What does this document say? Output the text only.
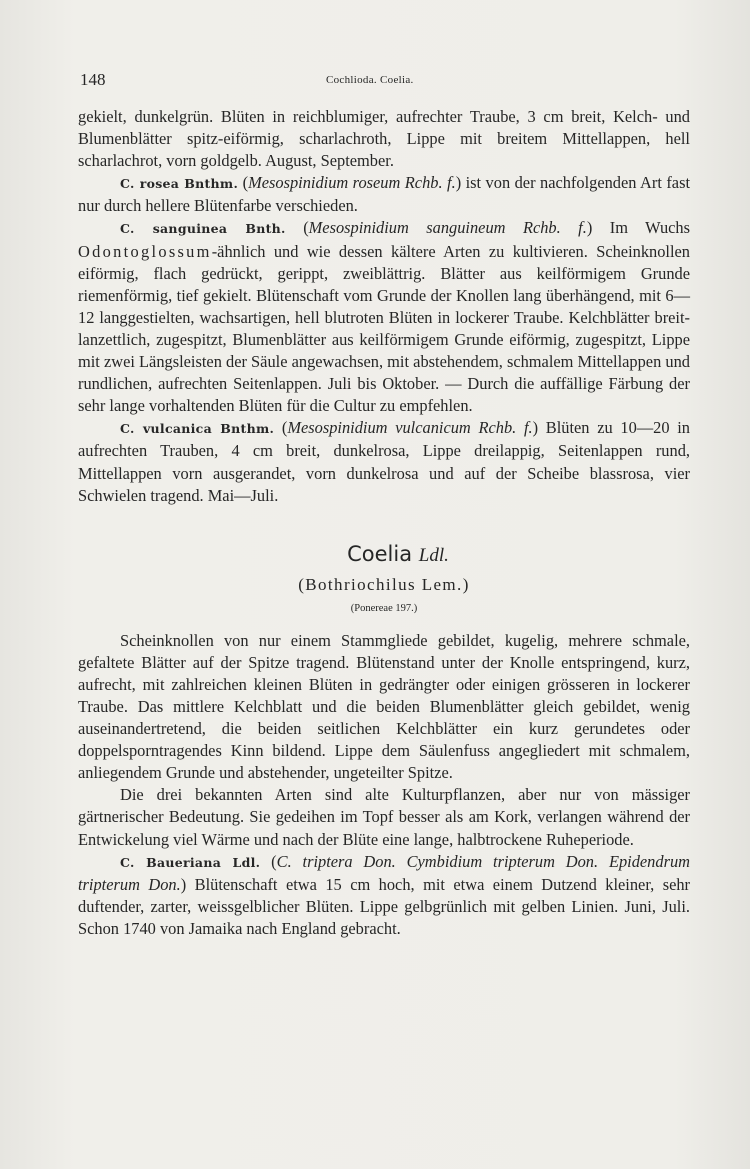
148	Cochlioda. Coelia.

gekielt, dunkelgrün. Blüten in reichblumiger, aufrechter Traube, 3 cm breit, Kelch- und Blumenblätter spitz-eiförmig, scharlachroth, Lippe mit breitem Mittellappen, hell scharlachrot, vorn goldgelb. August, September.

C. rosea Bnthm. (Mesospinidium roseum Rchb. f.) ist von der nachfolgenden Art fast nur durch hellere Blütenfarbe verschieden.

C. sanguinea Bnth. (Mesospinidium sanguineum Rchb. f.) Im Wuchs Odontoglossum-ähnlich und wie dessen kältere Arten zu kultivieren. Scheinknollen eiförmig, flach gedrückt, gerippt, zweiblättrig. Blätter aus keilförmigem Grunde riemenförmig, tief gekielt. Blütenschaft vom Grunde der Knollen lang überhängend, mit 6—12 langgestielten, wachsartigen, hell blutroten Blüten in lockerer Traube. Kelchblätter breit-lanzettlich, zugespitzt, Blumenblätter aus keilförmigem Grunde eiförmig, zugespitzt, Lippe mit zwei Längsleisten der Säule angewachsen, mit abstehendem, schmalem Mittellappen und rundlichen, aufrechten Seitenlappen. Juli bis Oktober. — Durch die auffällige Färbung der sehr lange vorhaltenden Blüten für die Cultur zu empfehlen.

C. vulcanica Bnthm. (Mesospinidium vulcanicum Rchb. f.) Blüten zu 10—20 in aufrechten Trauben, 4 cm breit, dunkelrosa, Lippe dreilappig, Seitenlappen rund, Mittellappen vorn ausgerandet, vorn dunkelrosa und auf der Scheibe blassrosa, vier Schwielen tragend. Mai—Juli.

Coelia Ldl.
(Bothriochilus Lem.)
(Ponereae 197.)

Scheinknollen von nur einem Stammgliede gebildet, kugelig, mehrere schmale, gefaltete Blätter auf der Spitze tragend. Blütenstand unter der Knolle entspringend, kurz, aufrecht, mit zahlreichen kleinen Blüten in gedrängter oder einigen grösseren in lockerer Traube. Das mittlere Kelchblatt und die beiden Blumenblätter gleich gebildet, wenig auseinandertretend, die beiden seitlichen Kelchblätter ein kurz gerundetes oder doppelsporntragendes Kinn bildend. Lippe dem Säulenfuss angegliedert mit schmalem, anliegendem Grunde und abstehender, ungeteilter Spitze.

Die drei bekannten Arten sind alte Kulturpflanzen, aber nur von mässiger gärtnerischer Bedeutung. Sie gedeihen im Topf besser als am Kork, verlangen während der Entwickelung viel Wärme und nach der Blüte eine lange, halbtrockene Ruheperiode.

C. Baueriana Ldl. (C. triptera Don. Cymbidium tripterum Don. Epidendrum tripterum Don.) Blütenschaft etwa 15 cm hoch, mit etwa einem Dutzend kleiner, sehr duftender, zarter, weissgelblicher Blüten. Lippe gelbgrünlich mit gelben Linien. Juni, Juli. Schon 1740 von Jamaika nach England gebracht.
